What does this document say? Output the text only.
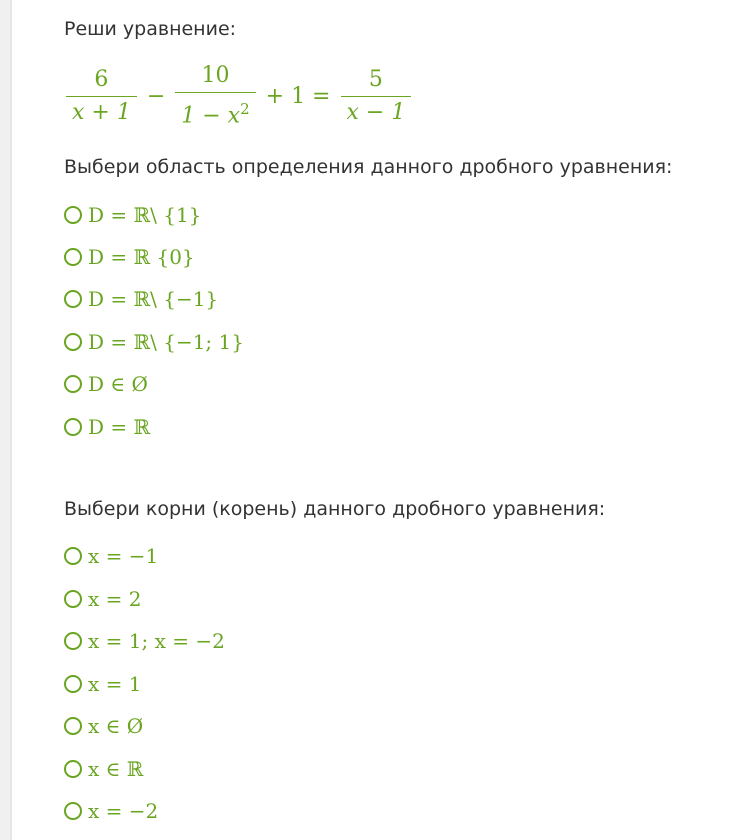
Реши уравнение:
$\frac{6}{x + 1} - \frac{10}{1 - x^2} + 1 = \frac{5}{x - 1}$
Выбери область определения данного дробного уравнения:
D = ℝ\ {1}
D = ℝ {0}
D = ℝ\ {−1}
D = ℝ\ {−1; 1}
D ∈ Ø
D = ℝ
Выбери корни (корень) данного дробного уравнения:
x = −1
x = 2
x = 1; x = −2
x = 1
x ∈ Ø
x ∈ ℝ
x = −2
